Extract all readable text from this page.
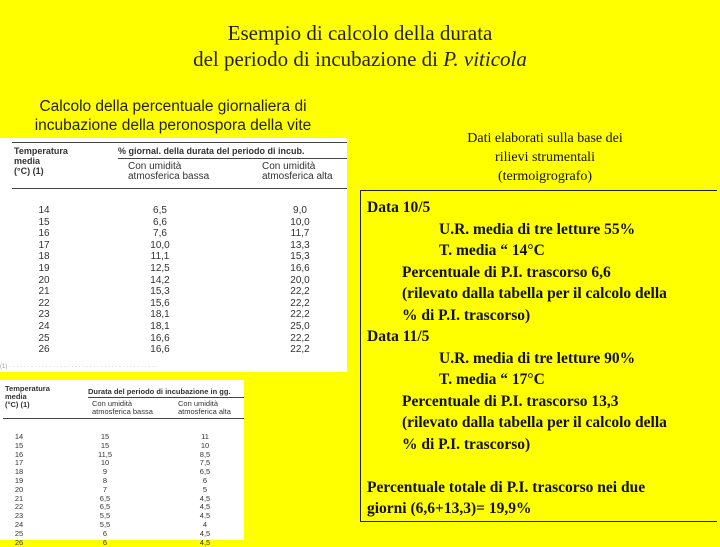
Esempio di calcolo della durata
del periodo di incubazione di P. viticola
Calcolo della percentuale giornaliera di
incubazione della peronospora della vite
Temperatura
media
(°C) (1)
% giornal. della durata del periodo di incub.
Con umidità
atmosferica bassa
Con umidità
atmosferica alta
14	6,5	9,0
15	6,6	10,0
16	7,6	11,7
17	10,0	13,3
18	11,1	15,3
19	12,5	16,6
20	14,2	20,0
21	15,3	22,2
22	15,6	22,2
23	18,1	22,2
24	18,1	25,0
25	16,6	22,2
26	16,6	22,2
(1) · · · · · · · · · · · · · · · · · · · · · · · · · · · · · · · · · · · · · · · · ·
Temperatura
media
(°C) (1)
Durata del periodo di incubazione in gg.
Con umidità
atmosferica bassa
Con umidità
atmosferica alta
14	15	11
15	15	10
16	11,5	8,5
17	10	7,5
18	9	6,5
19	8	6
20	7	5
21	6,5	4,5
22	6,5	4,5
23	5,5	4,5
24	5,5	4
25	6	4,5
26	6	4,5
Dati elaborati sulla base dei
rilievi strumentali
(termoigrografo)
Data 10/5
U.R. media di tre letture 55%
T. media “ 14°C
Percentuale di P.I. trascorso 6,6
(rilevato dalla tabella per il calcolo della
% di P.I. trascorso)
Data 11/5
U.R. media di tre letture 90%
T. media “ 17°C
Percentuale di P.I. trascorso 13,3
(rilevato dalla tabella per il calcolo della
% di P.I. trascorso)
Percentuale totale di P.I. trascorso nei due
giorni (6,6+13,3)= 19,9%
